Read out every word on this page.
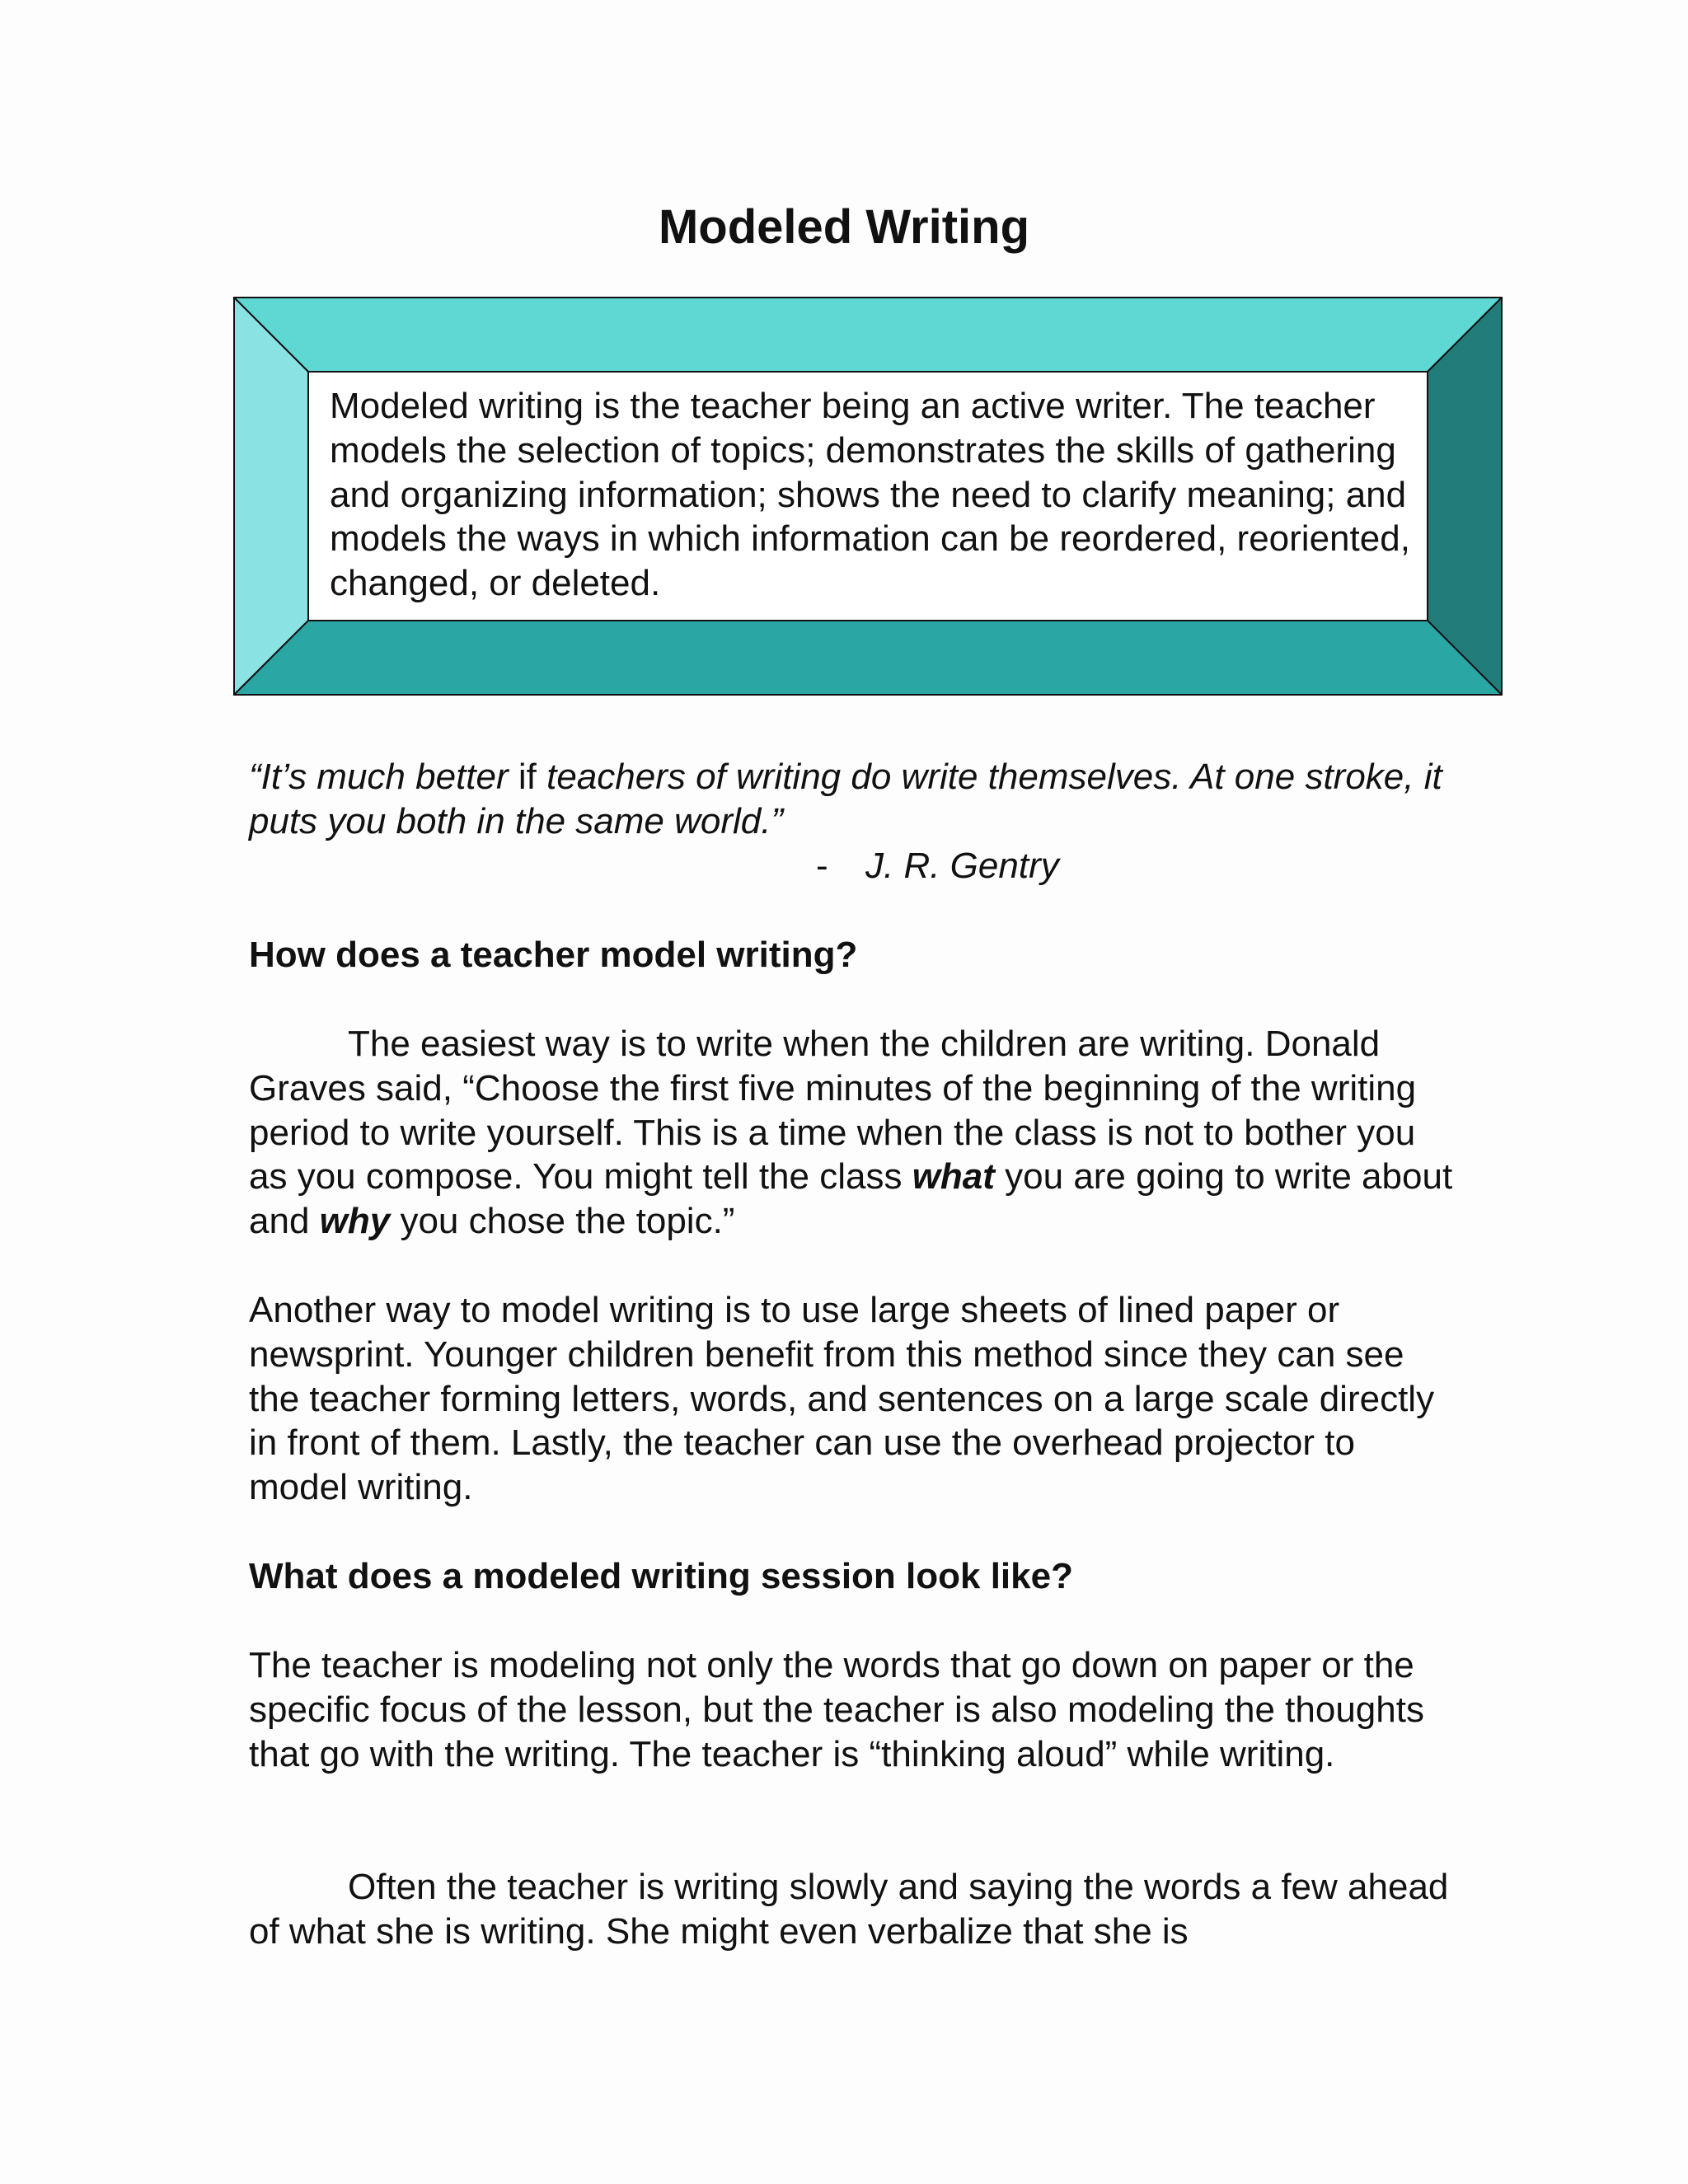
Modeled Writing

Modeled writing is the teacher being an active writer. The teacher models the selection of topics; demonstrates the skills of gathering and organizing information; shows the need to clarify meaning; and models the ways in which information can be reordered, reoriented, changed, or deleted.

“It’s much better if teachers of writing do write themselves. At one stroke, it puts you both in the same world.”

- J. R. Gentry

How does a teacher model writing?

The easiest way is to write when the children are writing. Donald Graves said, “Choose the first five minutes of the beginning of the writing period to write yourself. This is a time when the class is not to bother you as you compose. You might tell the class what you are going to write about and why you chose the topic.”

Another way to model writing is to use large sheets of lined paper or newsprint. Younger children benefit from this method since they can see the teacher forming letters, words, and sentences on a large scale directly in front of them. Lastly, the teacher can use the overhead projector to model writing.

What does a modeled writing session look like?

The teacher is modeling not only the words that go down on paper or the specific focus of the lesson, but the teacher is also modeling the thoughts that go with the writing. The teacher is “thinking aloud” while writing.

Often the teacher is writing slowly and saying the words a few ahead of what she is writing. She might even verbalize that she is
